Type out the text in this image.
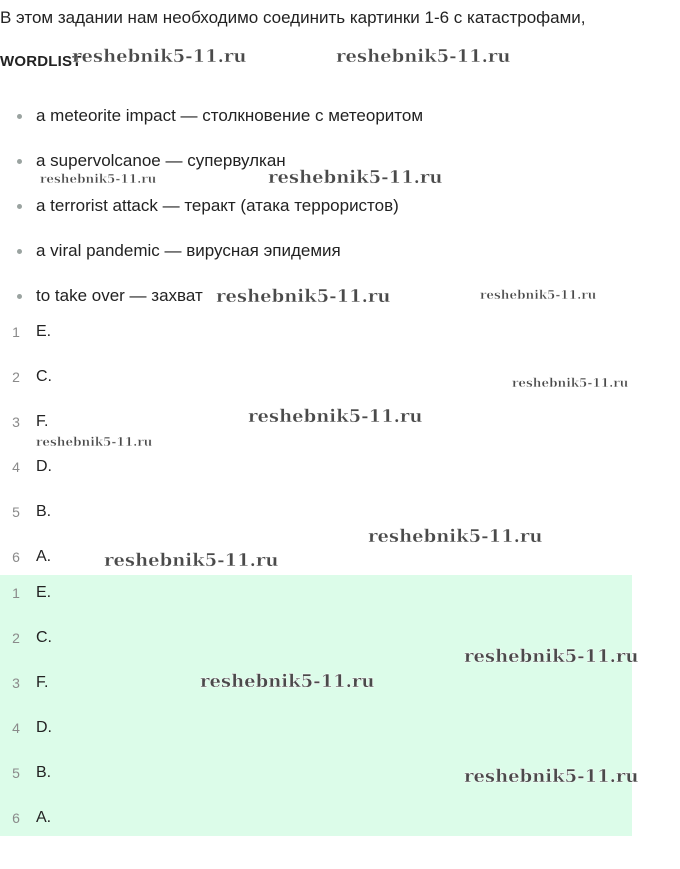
В этом задании нам необходимо соединить картинки 1-6 с катастрофами,
WORDLIST
a meteorite impact — столкновение с метеоритом
a supervolcanoe — супервулкан
a terrorist attack — теракт (атака террористов)
a viral pandemic — вирусная эпидемия
to take over — захват
1 E.
2 C.
3 F.
4 D.
5 B.
6 A.
1 E.
2 C.
3 F.
4 D.
5 B.
6 A.
reshebnik5-11.ru	reshebnik5-11.ru
reshebnik5-11.ru	reshebnik5-11.ru
reshebnik5-11.ru	reshebnik5-11.ru
reshebnik5-11.ru
reshebnik5-11.ru
reshebnik5-11.ru
reshebnik5-11.ru
reshebnik5-11.ru
reshebnik5-11.ru
reshebnik5-11.ru
reshebnik5-11.ru
